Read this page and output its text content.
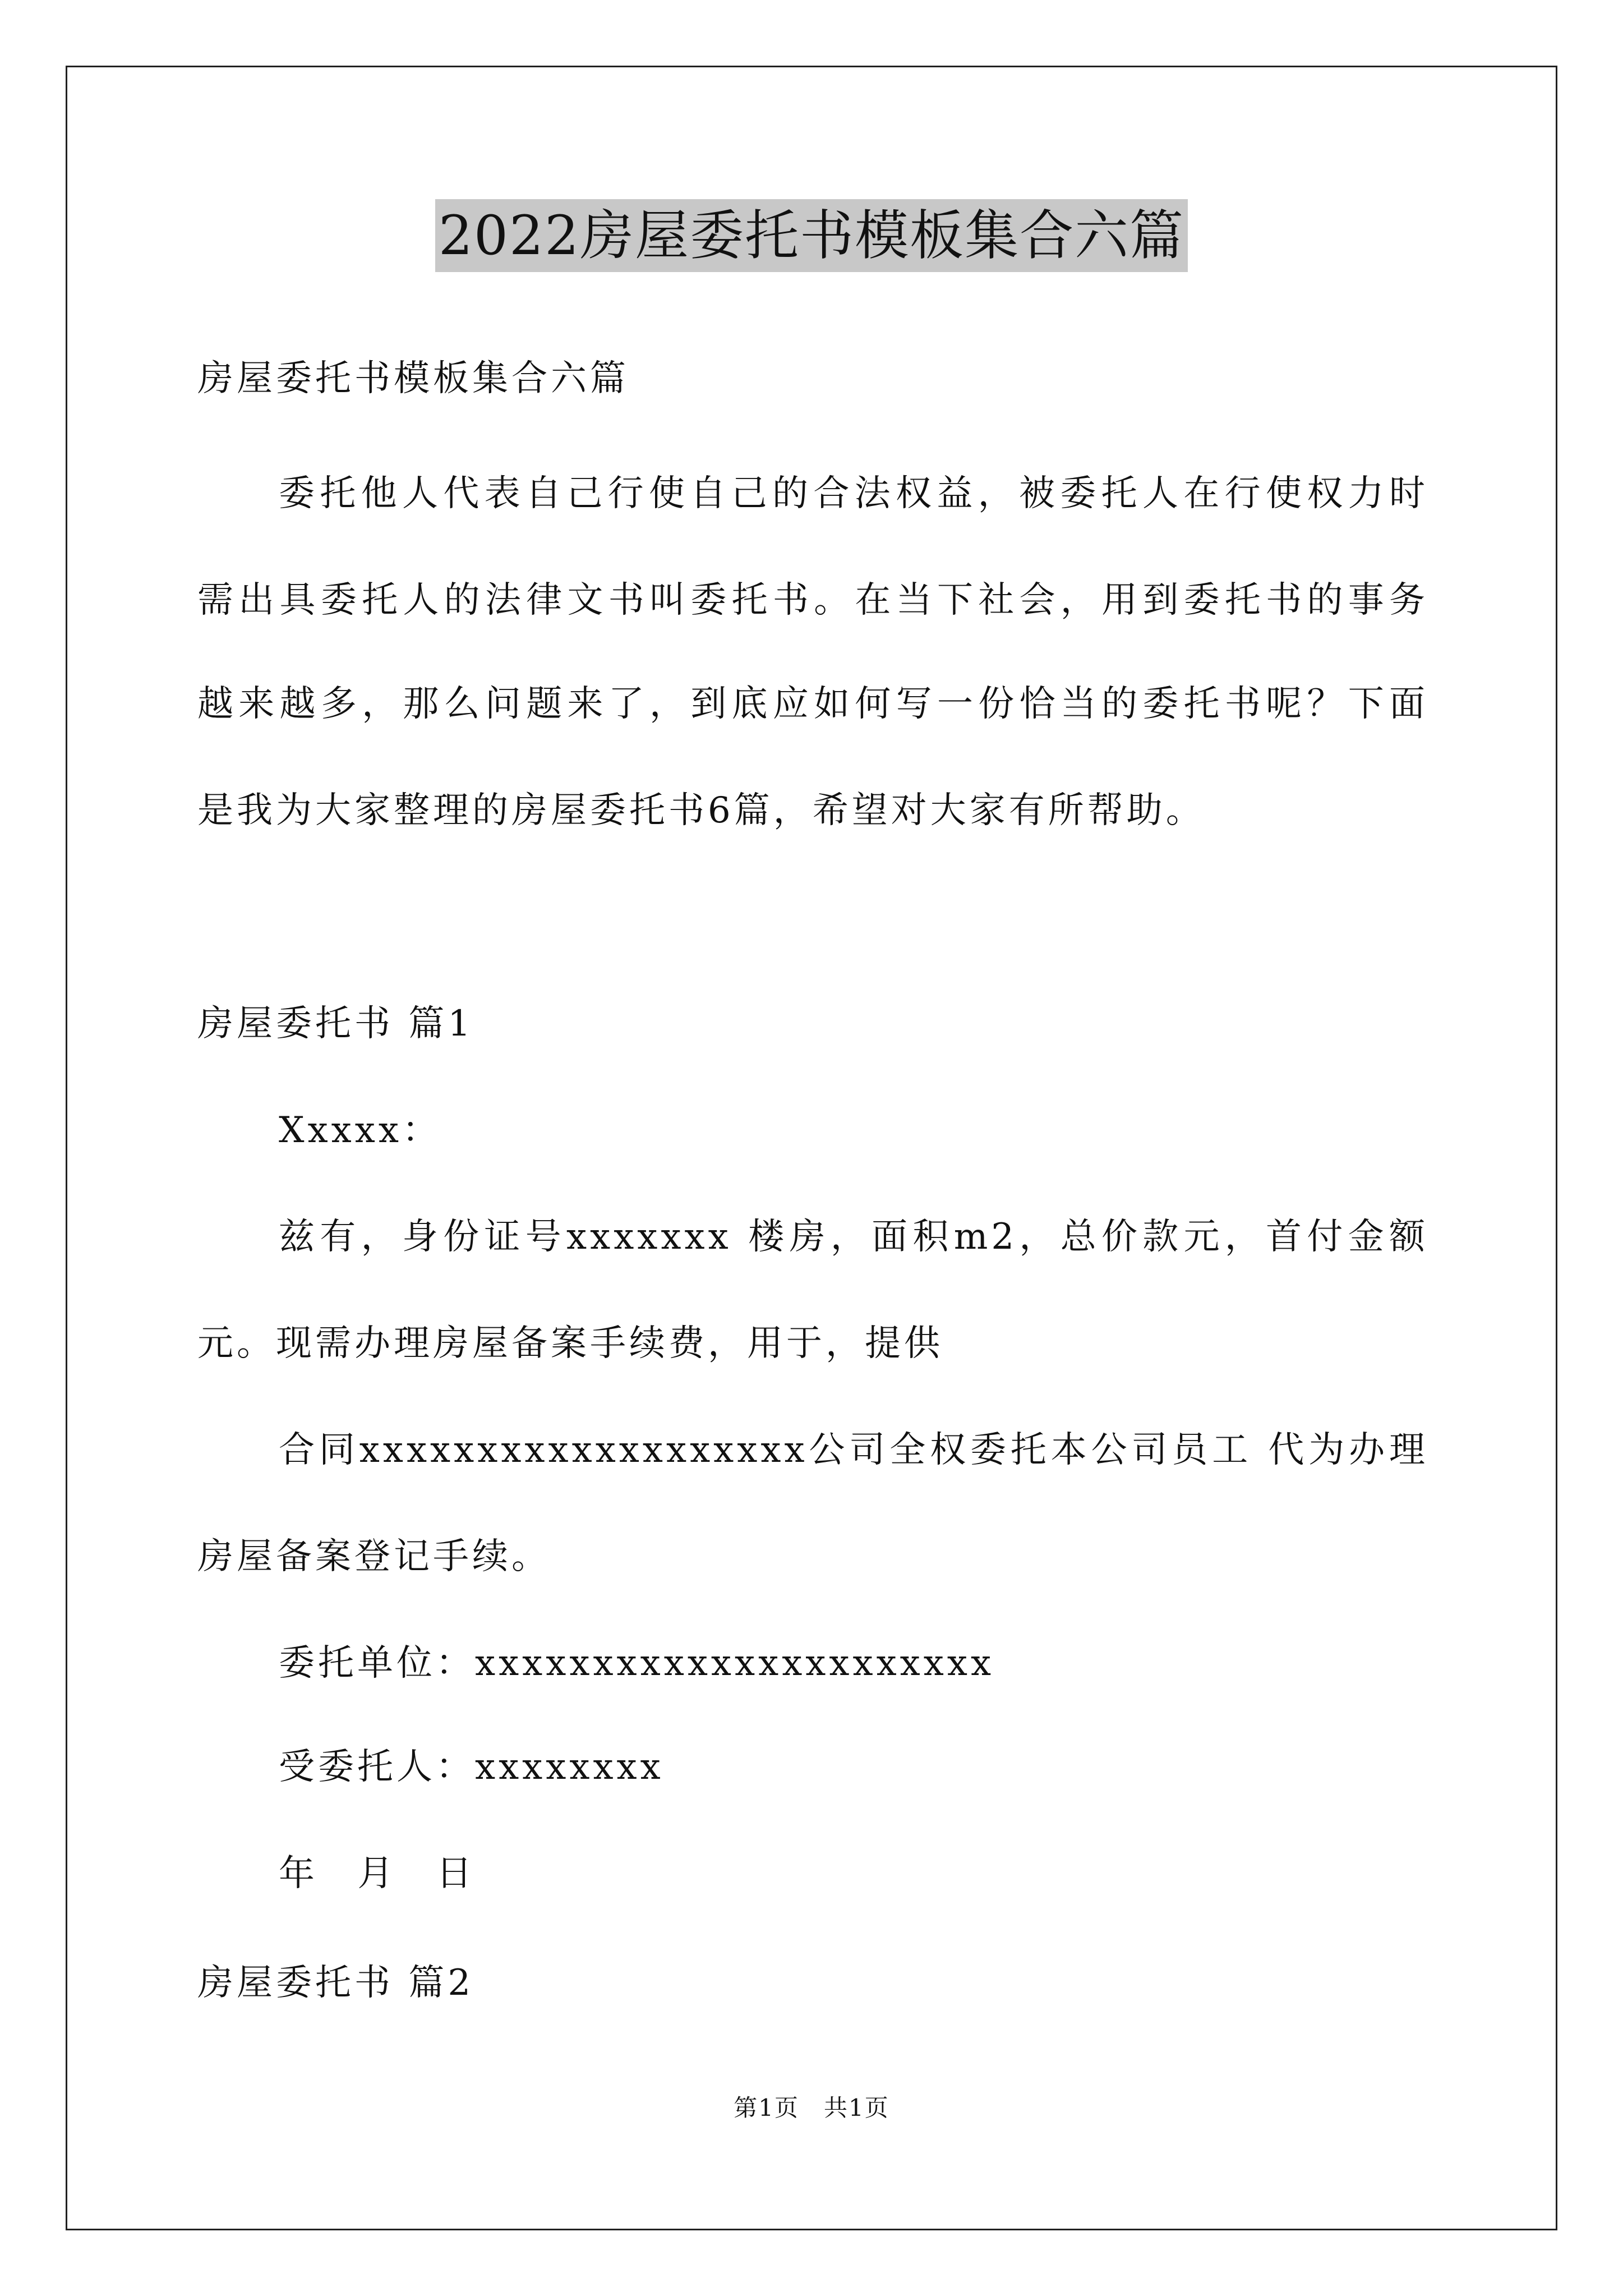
2022房屋委托书模板集合六篇
房屋委托书模板集合六篇
委托他人代表自己行使自己的合法权益，被委托人在行使权力时
需出具委托人的法律文书叫委托书。在当下社会，用到委托书的事务
越来越多，那么问题来了，到底应如何写一份恰当的委托书呢？下面
是我为大家整理的房屋委托书6篇，希望对大家有所帮助。
房屋委托书 篇1
Xxxxx：
兹有，身份证号xxxxxxx 楼房，面积m2，总价款元，首付金额
元。现需办理房屋备案手续费，用于，提供
合同xxxxxxxxxxxxxxxxxxx公司全权委托本公司员工 代为办理
房屋备案登记手续。
委托单位：xxxxxxxxxxxxxxxxxxxxxx
受委托人：xxxxxxxx
年 月 日
房屋委托书 篇2
第1页　共1页
